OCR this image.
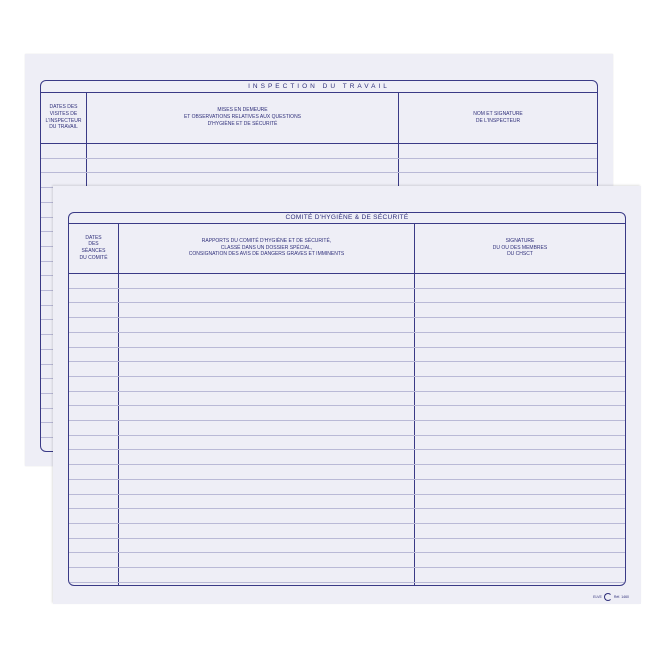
INSPECTION DU TRAVAIL
DATES DES
VISITES DE
L'INSPECTEUR
DU TRAVAIL
MISES EN DEMEURE
ET OBSERVATIONS RELATIVES AUX QUESTIONS
D'HYGIÈNE ET DE SÉCURITÉ
NOM ET SIGNATURE
DE L'INSPECTEUR
COMITÉ D'HYGIÈNE & DE SÉCURITÉ
DATES
DES
SÉANCES
DU COMITÉ
RAPPORTS DU COMITÉ D'HYGIÈNE ET DE SÉCURITÉ,
CLASSÉ DANS UN DOSSIER SPÉCIAL,
CONSIGNATION DES AVIS DE DANGERS GRAVES ET IMMINENTS
SIGNATURE
DU OU DES MEMBRES
DU CHSCT
ELVE	Réf. 1460
